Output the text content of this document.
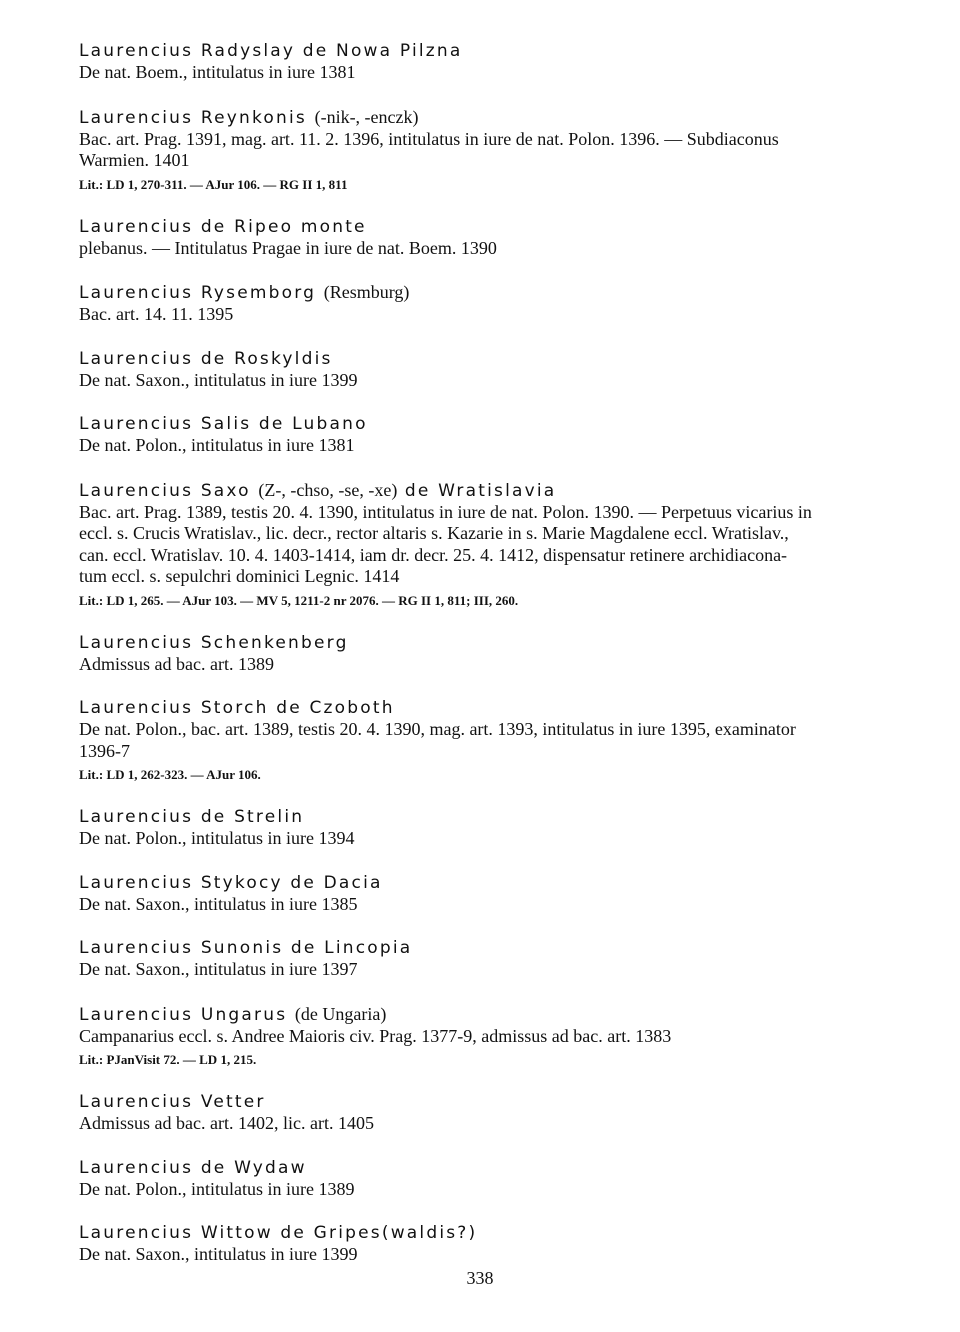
Laurencius Radyslay de Nowa Pilzna
De nat. Boem., intitulatus in iure 1381
Laurencius Reynkonis (-nik-, -enczk)
Bac. art. Prag. 1391, mag. art. 11. 2. 1396, intitulatus in iure de nat. Polon. 1396. — Subdiaconus
Warmien. 1401
Lit.: LD 1, 270-311. — AJur 106. — RG II 1, 811
Laurencius de Ripeo monte
plebanus. — Intitulatus Pragae in iure de nat. Boem. 1390
Laurencius Rysemborg (Resmburg)
Bac. art. 14. 11. 1395
Laurencius de Roskyldis
De nat. Saxon., intitulatus in iure 1399
Laurencius Salis de Lubano
De nat. Polon., intitulatus in iure 1381
Laurencius Saxo (Z-, -chso, -se, -xe) de Wratislavia
Bac. art. Prag. 1389, testis 20. 4. 1390, intitulatus in iure de nat. Polon. 1390. — Perpetuus vicarius in
eccl. s. Crucis Wratislav., lic. decr., rector altaris s. Kazarie in s. Marie Magdalene eccl. Wratislav.,
can. eccl. Wratislav. 10. 4. 1403-1414, iam dr. decr. 25. 4. 1412, dispensatur retinere archidiacona-
tum eccl. s. sepulchri dominici Legnic. 1414
Lit.: LD 1, 265. — AJur 103. — MV 5, 1211-2 nr 2076. — RG II 1, 811; III, 260.
Laurencius Schenkenberg
Admissus ad bac. art. 1389
Laurencius Storch de Czoboth
De nat. Polon., bac. art. 1389, testis 20. 4. 1390, mag. art. 1393, intitulatus in iure 1395, examinator
1396-7
Lit.: LD 1, 262-323. — AJur 106.
Laurencius de Strelin
De nat. Polon., intitulatus in iure 1394
Laurencius Stykocy de Dacia
De nat. Saxon., intitulatus in iure 1385
Laurencius Sunonis de Lincopia
De nat. Saxon., intitulatus in iure 1397
Laurencius Ungarus (de Ungaria)
Campanarius eccl. s. Andree Maioris civ. Prag. 1377-9, admissus ad bac. art. 1383
Lit.: PJanVisit 72. — LD 1, 215.
Laurencius Vetter
Admissus ad bac. art. 1402, lic. art. 1405
Laurencius de Wydaw
De nat. Polon., intitulatus in iure 1389
Laurencius Wittow de Gripes(waldis?)
De nat. Saxon., intitulatus in iure 1399
338
